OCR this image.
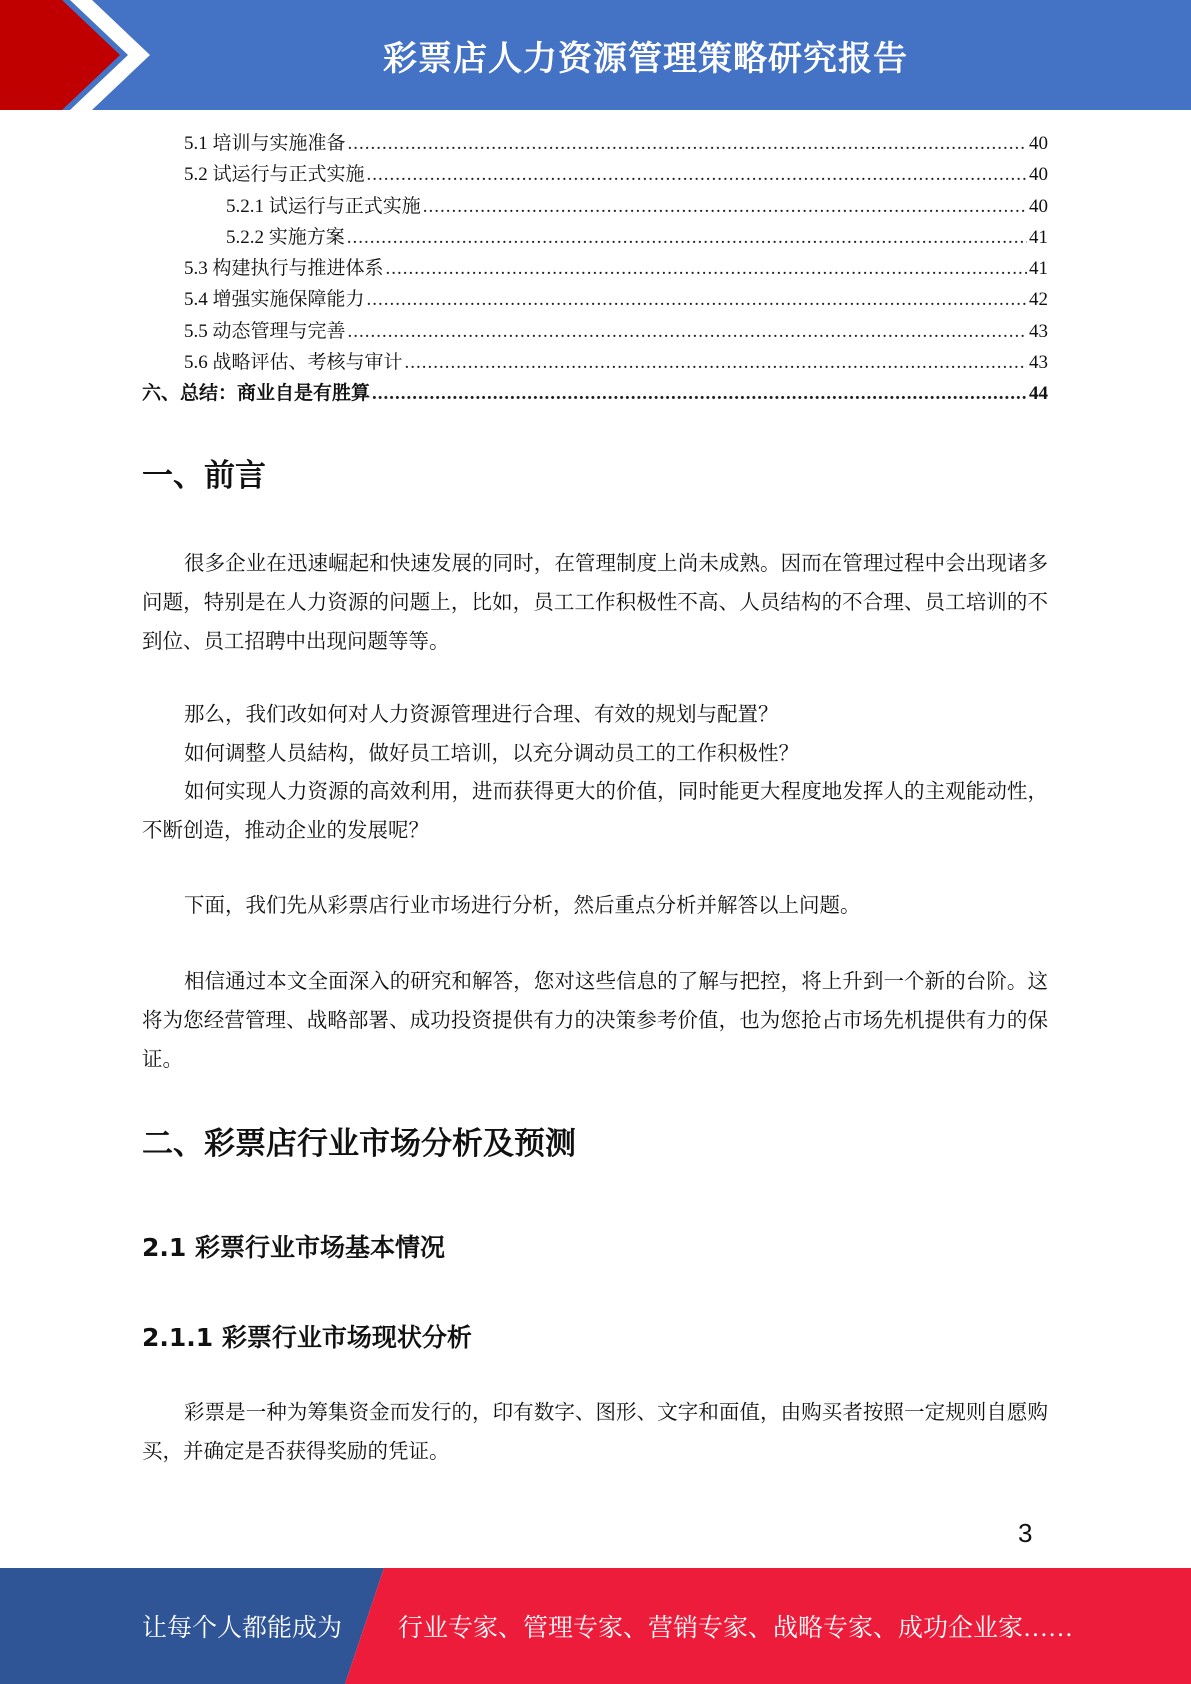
彩票店人力资源管理策略研究报告
5.1 培训与实施准备 .....	40
5.2 试运行与正式实施 .....	40
5.2.1 试运行与正式实施 .....	40
5.2.2 实施方案 .....	41
5.3 构建执行与推进体系 .....	41
5.4 增强实施保障能力 .....	42
5.5 动态管理与完善 .....	43
5.6 战略评估、考核与审计 .....	43
六、总结：商业自是有胜算 .....	44
一、前言

很多企业在迅速崛起和快速发展的同时，在管理制度上尚未成熟。因而在管理过程中会出现诸多问题，特别是在人力资源的问题上，比如，员工工作积极性不高、人员结构的不合理、员工培训的不到位、员工招聘中出现问题等等。

那么，我们改如何对人力资源管理进行合理、有效的规划与配置？

如何调整人员結构，做好员工培训，以充分调动员工的工作积极性？

如何实现人力资源的高效利用，进而获得更大的价值，同时能更大程度地发挥人的主观能动性，不断创造，推动企业的发展呢？

下面，我们先从彩票店行业市场进行分析，然后重点分析并解答以上问题。

相信通过本文全面深入的研究和解答，您对这些信息的了解与把控，将上升到一个新的台阶。这将为您经营管理、战略部署、成功投资提供有力的决策参考价值，也为您抢占市场先机提供有力的保证。

二、彩票店行业市场分析及预测
2.1 彩票行业市场基本情况
2.1.1 彩票行业市场现状分析

彩票是一种为筹集资金而发行的，印有数字、图形、文字和面值，由购买者按照一定规则自愿购买，并确定是否获得奖励的凭证。

3
让每个人都能成为 行业专家、管理专家、营销专家、战略专家、成功企业家……
